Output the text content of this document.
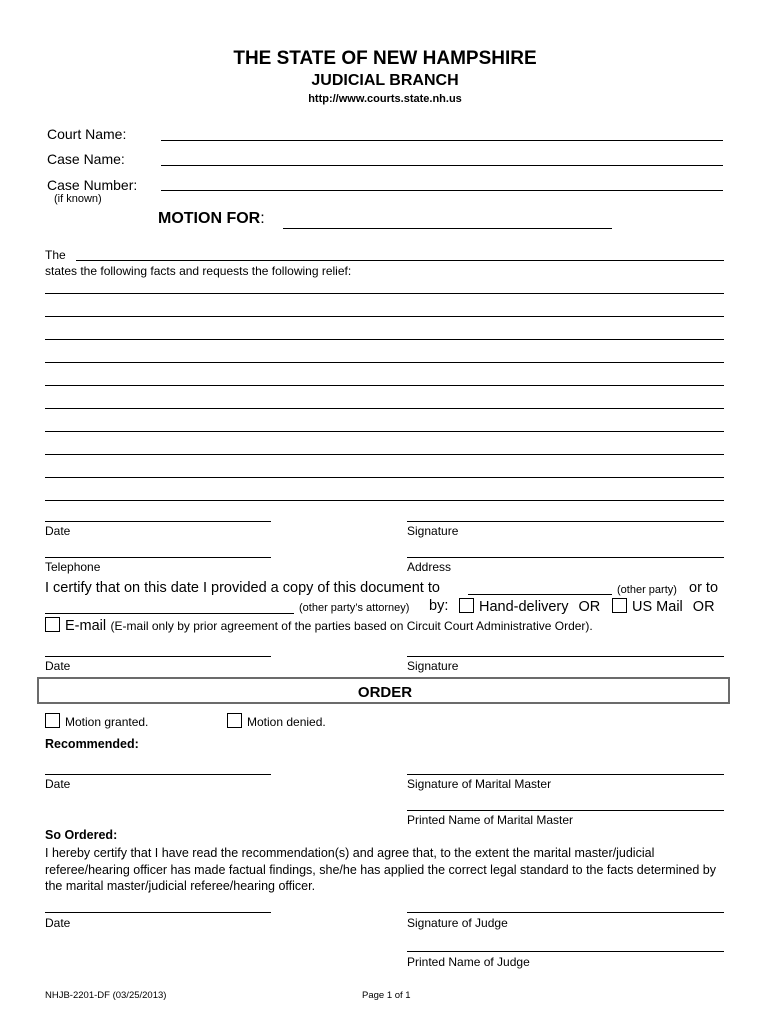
THE STATE OF NEW HAMPSHIRE
JUDICIAL BRANCH
http://www.courts.state.nh.us
Court Name:
Case Name:
Case Number:
(if known)
MOTION FOR:
The
states the following facts and requests the following relief:
Date	Signature
Telephone	Address
I certify that on this date I provided a copy of this document to	(other party) or to
(other party’s attorney) by:	Hand-delivery OR	US Mail OR
E-mail (E-mail only by prior agreement of the parties based on Circuit Court Administrative Order).
Date	Signature
ORDER
Motion granted.	Motion denied.
Recommended:
Date	Signature of Marital Master
Printed Name of Marital Master
So Ordered:
I hereby certify that I have read the recommendation(s) and agree that, to the extent the marital master/judicial referee/hearing officer has made factual findings, she/he has applied the correct legal standard to the facts determined by the marital master/judicial referee/hearing officer.
Date	Signature of Judge
Printed Name of Judge
NHJB-2201-DF (03/25/2013)	Page 1 of 1
